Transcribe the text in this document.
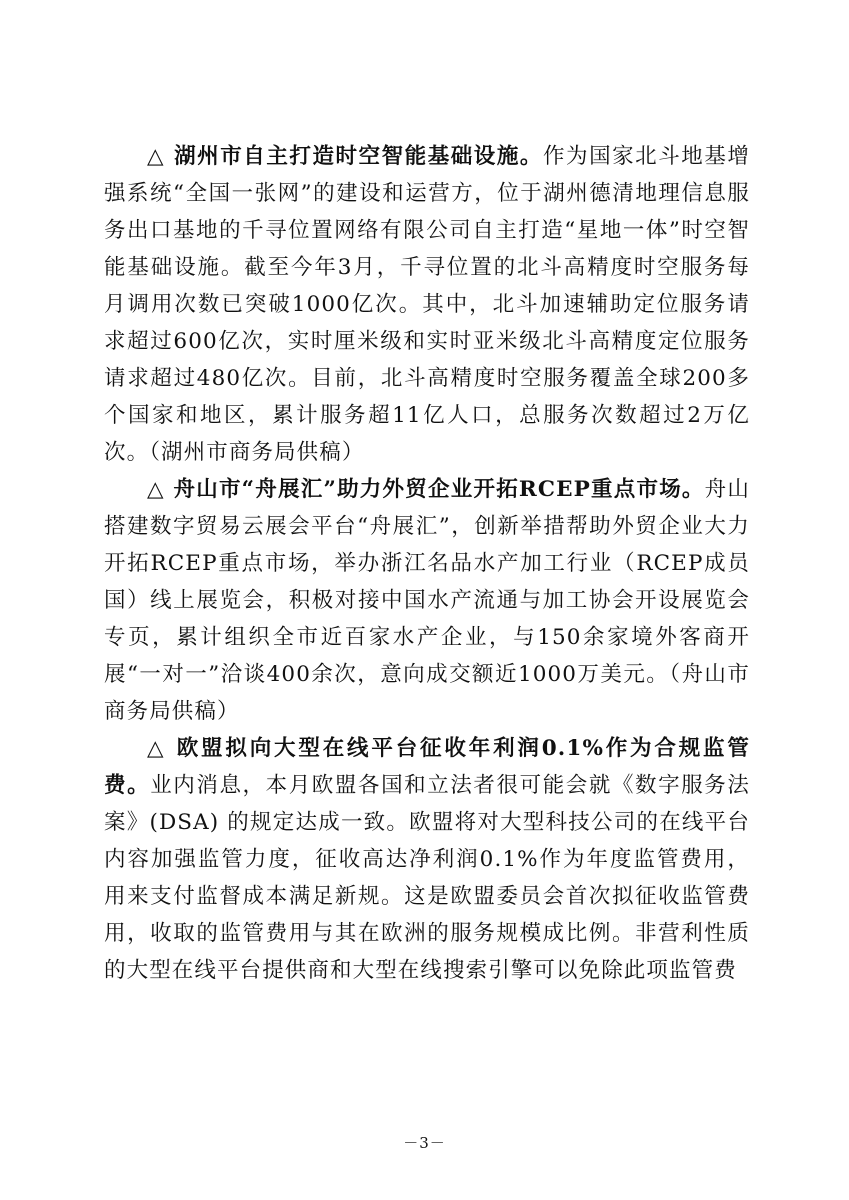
△ 湖州市自主打造时空智能基础设施。作为国家北斗地基增强系统“全国一张网”的建设和运营方，位于湖州德清地理信息服务出口基地的千寻位置网络有限公司自主打造“星地一体”时空智能基础设施。截至今年3月，千寻位置的北斗高精度时空服务每月调用次数已突破1000亿次。其中，北斗加速辅助定位服务请求超过600亿次，实时厘米级和实时亚米级北斗高精度定位服务请求超过480亿次。目前，北斗高精度时空服务覆盖全球200多个国家和地区，累计服务超11亿人口，总服务次数超过2万亿次。（湖州市商务局供稿）

△ 舟山市“舟展汇”助力外贸企业开拓RCEP重点市场。舟山搭建数字贸易云展会平台“舟展汇”，创新举措帮助外贸企业大力开拓RCEP重点市场，举办浙江名品水产加工行业（RCEP成员国）线上展览会，积极对接中国水产流通与加工协会开设展览会专页，累计组织全市近百家水产企业，与150余家境外客商开展“一对一”洽谈400余次，意向成交额近1000万美元。（舟山市商务局供稿）

△ 欧盟拟向大型在线平台征收年利润0.1%作为合规监管费。业内消息，本月欧盟各国和立法者很可能会就《数字服务法案》(DSA) 的规定达成一致。欧盟将对大型科技公司的在线平台内容加强监管力度，征收高达净利润0.1%作为年度监管费用，用来支付监督成本满足新规。这是欧盟委员会首次拟征收监管费用，收取的监管费用与其在欧洲的服务规模成比例。非营利性质的大型在线平台提供商和大型在线搜索引擎可以免除此项监管费

－3－
